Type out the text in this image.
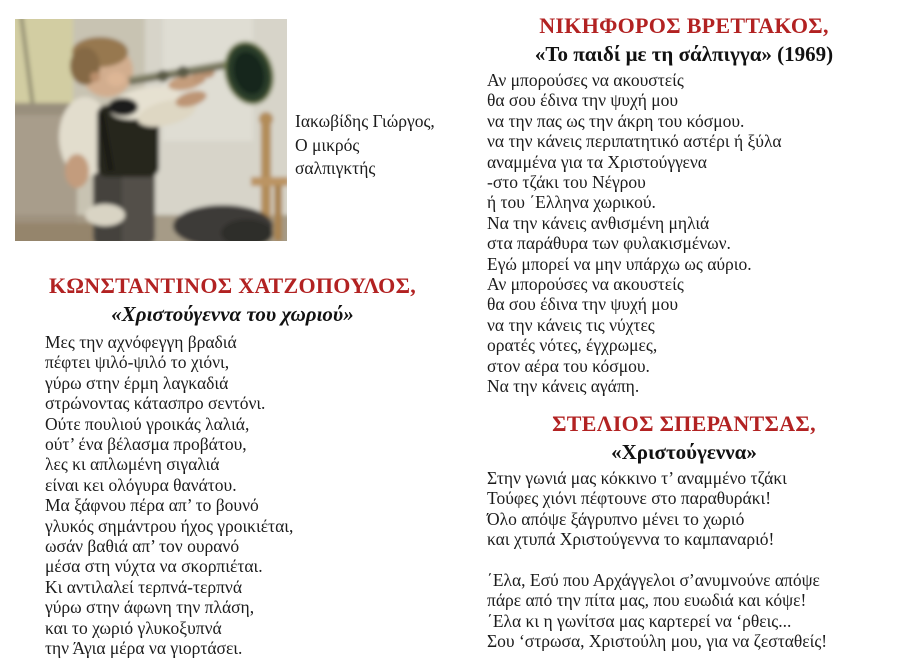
Ιακωβίδης Γιώργος,
Ο μικρός
σαλπιγκτής
ΚΩΝΣΤΑΝΤΙΝΟΣ ΧΑΤΖΟΠΟΥΛΟΣ,
«Χριστούγεννα του χωριού»
Μες την αχνόφεγγη βραδιά
πέφτει ψιλό-ψιλό το χιόνι,
γύρω στην έρμη λαγκαδιά
στρώνοντας κάτασπρο σεντόνι.
Ούτε πουλιού γροικάς λαλιά,
ούτ’ ένα βέλασμα προβάτου,
λες κι απλωμένη σιγαλιά
είναι κει ολόγυρα θανάτου.
Μα ξάφνου πέρα απ’ το βουνό
γλυκός σημάντρου ήχος γροικιέται,
ωσάν βαθιά απ’ τον ουρανό
μέσα στη νύχτα να σκορπιέται.
Κι αντιλαλεί τερπνά-τερπνά
γύρω στην άφωνη την πλάση,
και το χωριό γλυκοξυπνά
την Άγια μέρα να γιορτάσει.
ΝΙΚΗΦΟΡΟΣ ΒΡΕΤΤΑΚΟΣ,
«Το παιδί με τη σάλπιγγα» (1969)
Αν μπορούσες να ακουστείς
θα σου έδινα την ψυχή μου
να την πας ως την άκρη του κόσμου.
να την κάνεις περιπατητικό αστέρι ή ξύλα
αναμμένα για τα Χριστούγγενα
-στο τζάκι του Νέγρου
ή του ΄Ελληνα χωρικού.
Να την κάνεις ανθισμένη μηλιά
στα παράθυρα των φυλακισμένων.
Εγώ μπορεί να μην υπάρχω ως αύριο.
Αν μπορούσες να ακουστείς
θα σου έδινα την ψυχή μου
να την κάνεις τις νύχτες
ορατές νότες, έγχρωμες,
στον αέρα του κόσμου.
Να την κάνεις αγάπη.
ΣΤΕΛΙΟΣ ΣΠΕΡΑΝΤΣΑΣ,
«Χριστούγεννα»
Στην γωνιά μας κόκκινο τ’ αναμμένο τζάκι
Τούφες χιόνι πέφτουνε στο παραθυράκι!
Όλο απόψε ξάγρυπνο μένει το χωριό
και χτυπά Χριστούγεννα το καμπαναριό!

΄Ελα, Εσύ που Αρχάγγελοι σ’ανυμνούνε απόψε
πάρε από την πίτα μας, που ευωδιά και κόψε!
΄Ελα κι η γωνίτσα μας καρτερεί να ‘ρθεις...
Σου ‘στρωσα, Χριστούλη μου, για να ζεσταθείς!
